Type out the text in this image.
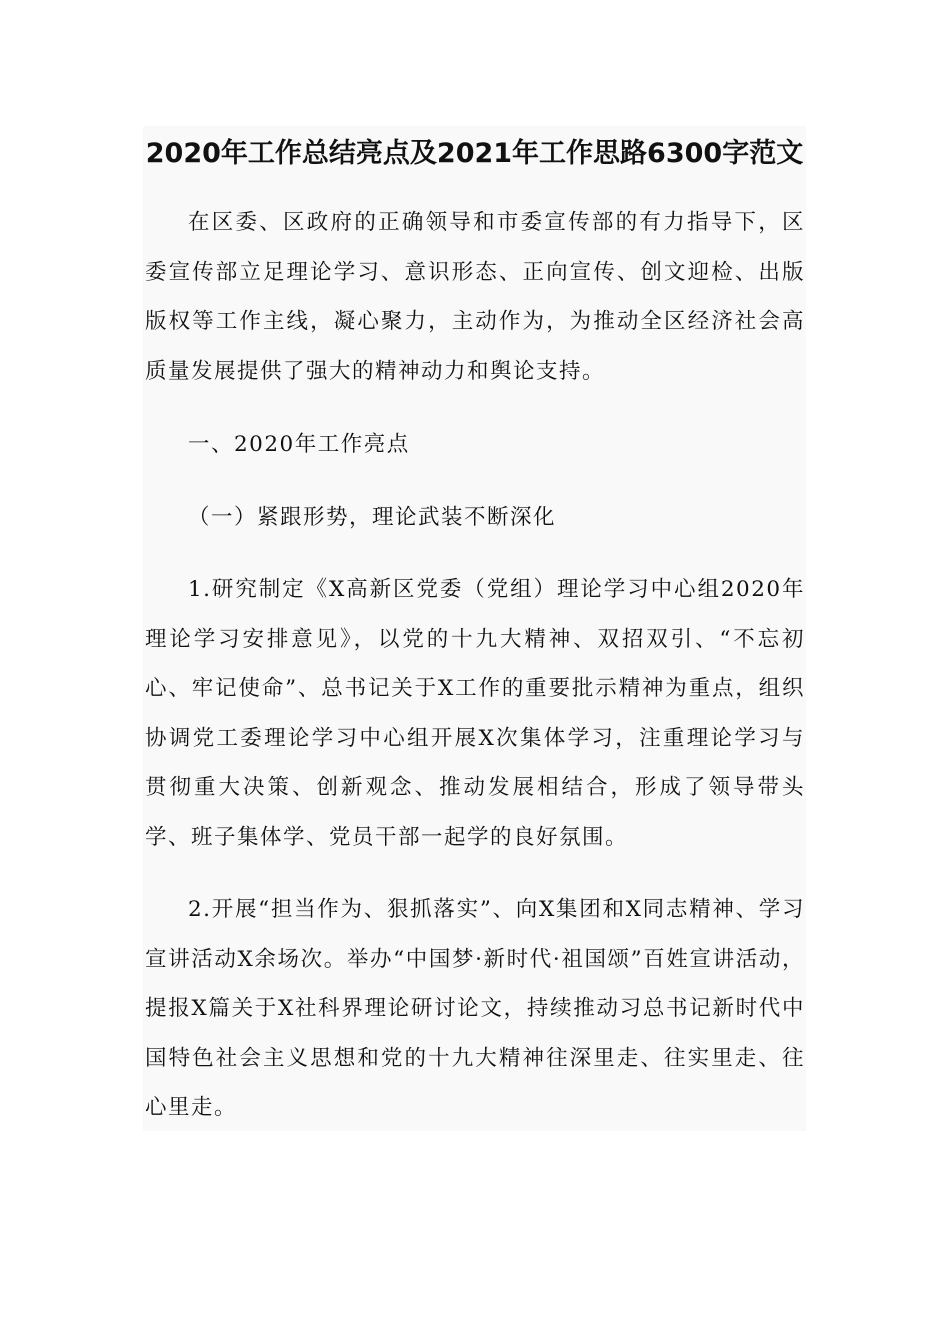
2020年工作总结亮点及2021年工作思路6300字范文

在区委、区政府的正确领导和市委宣传部的有力指导下，区委宣传部立足理论学习、意识形态、正向宣传、创文迎检、出版版权等工作主线，凝心聚力，主动作为，为推动全区经济社会高质量发展提供了强大的精神动力和舆论支持。

一、2020年工作亮点

（一）紧跟形势，理论武装不断深化

1.研究制定《X高新区党委（党组）理论学习中心组2020年理论学习安排意见》，以党的十九大精神、双招双引、“不忘初心、牢记使命”、总书记关于X工作的重要批示精神为重点，组织协调党工委理论学习中心组开展X次集体学习，注重理论学习与贯彻重大决策、创新观念、推动发展相结合，形成了领导带头学、班子集体学、党员干部一起学的良好氛围。

2.开展“担当作为、狠抓落实”、向X集团和X同志精神、学习宣讲活动X余场次。举办“中国梦·新时代·祖国颂”百姓宣讲活动，提报X篇关于X社科界理论研讨论文，持续推动习总书记新时代中国特色社会主义思想和党的十九大精神往深里走、往实里走、往心里走。
